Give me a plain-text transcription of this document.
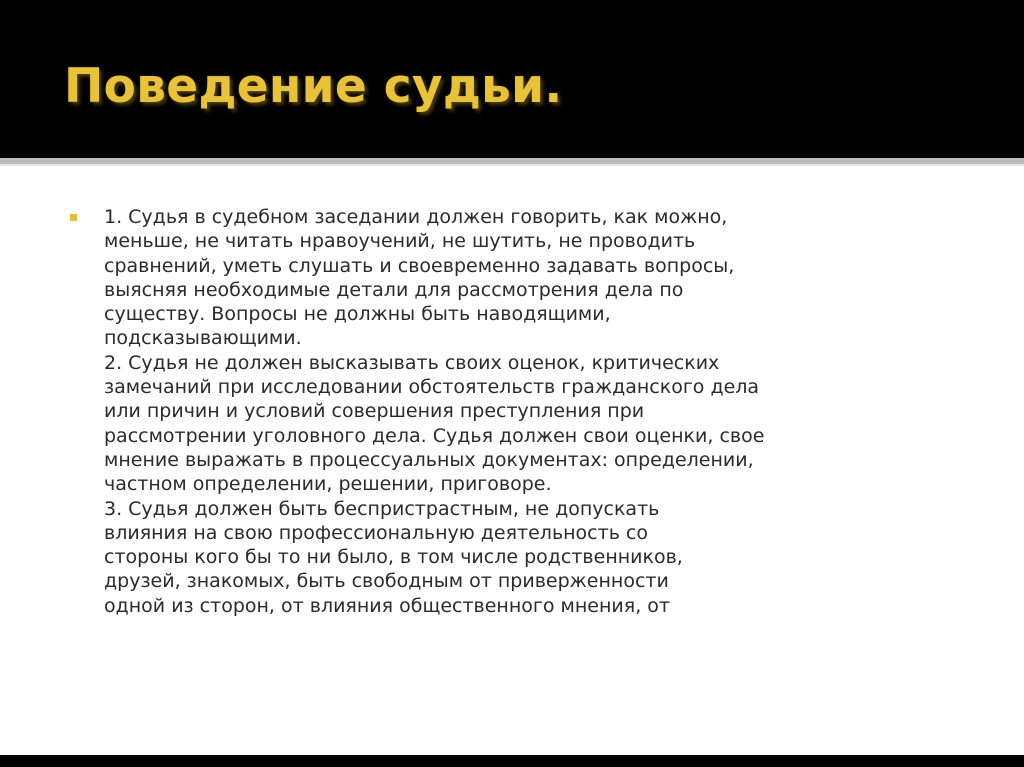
Поведение судьи.

1. Судья в судебном заседании должен говорить, как можно,
меньше, не читать нравоучений, не шутить, не проводить
сравнений, уметь слушать и своевременно задавать вопросы,
выясняя необходимые детали для рассмотрения дела по
существу. Вопросы не должны быть наводящими,
подсказывающими.
2. Судья не должен высказывать своих оценок, критических
замечаний при исследовании обстоятельств гражданского дела
или причин и условий совершения преступления при
рассмотрении уголовного дела. Судья должен свои оценки, свое
мнение выражать в процессуальных документах: определении,
частном определении, решении, приговоре.
3. Судья должен быть беспристрастным, не допускать
влияния на свою профессиональную деятельность со
стороны кого бы то ни было, в том числе родственников,
друзей, знакомых, быть свободным от приверженности
одной из сторон, от влияния общественного мнения, от
